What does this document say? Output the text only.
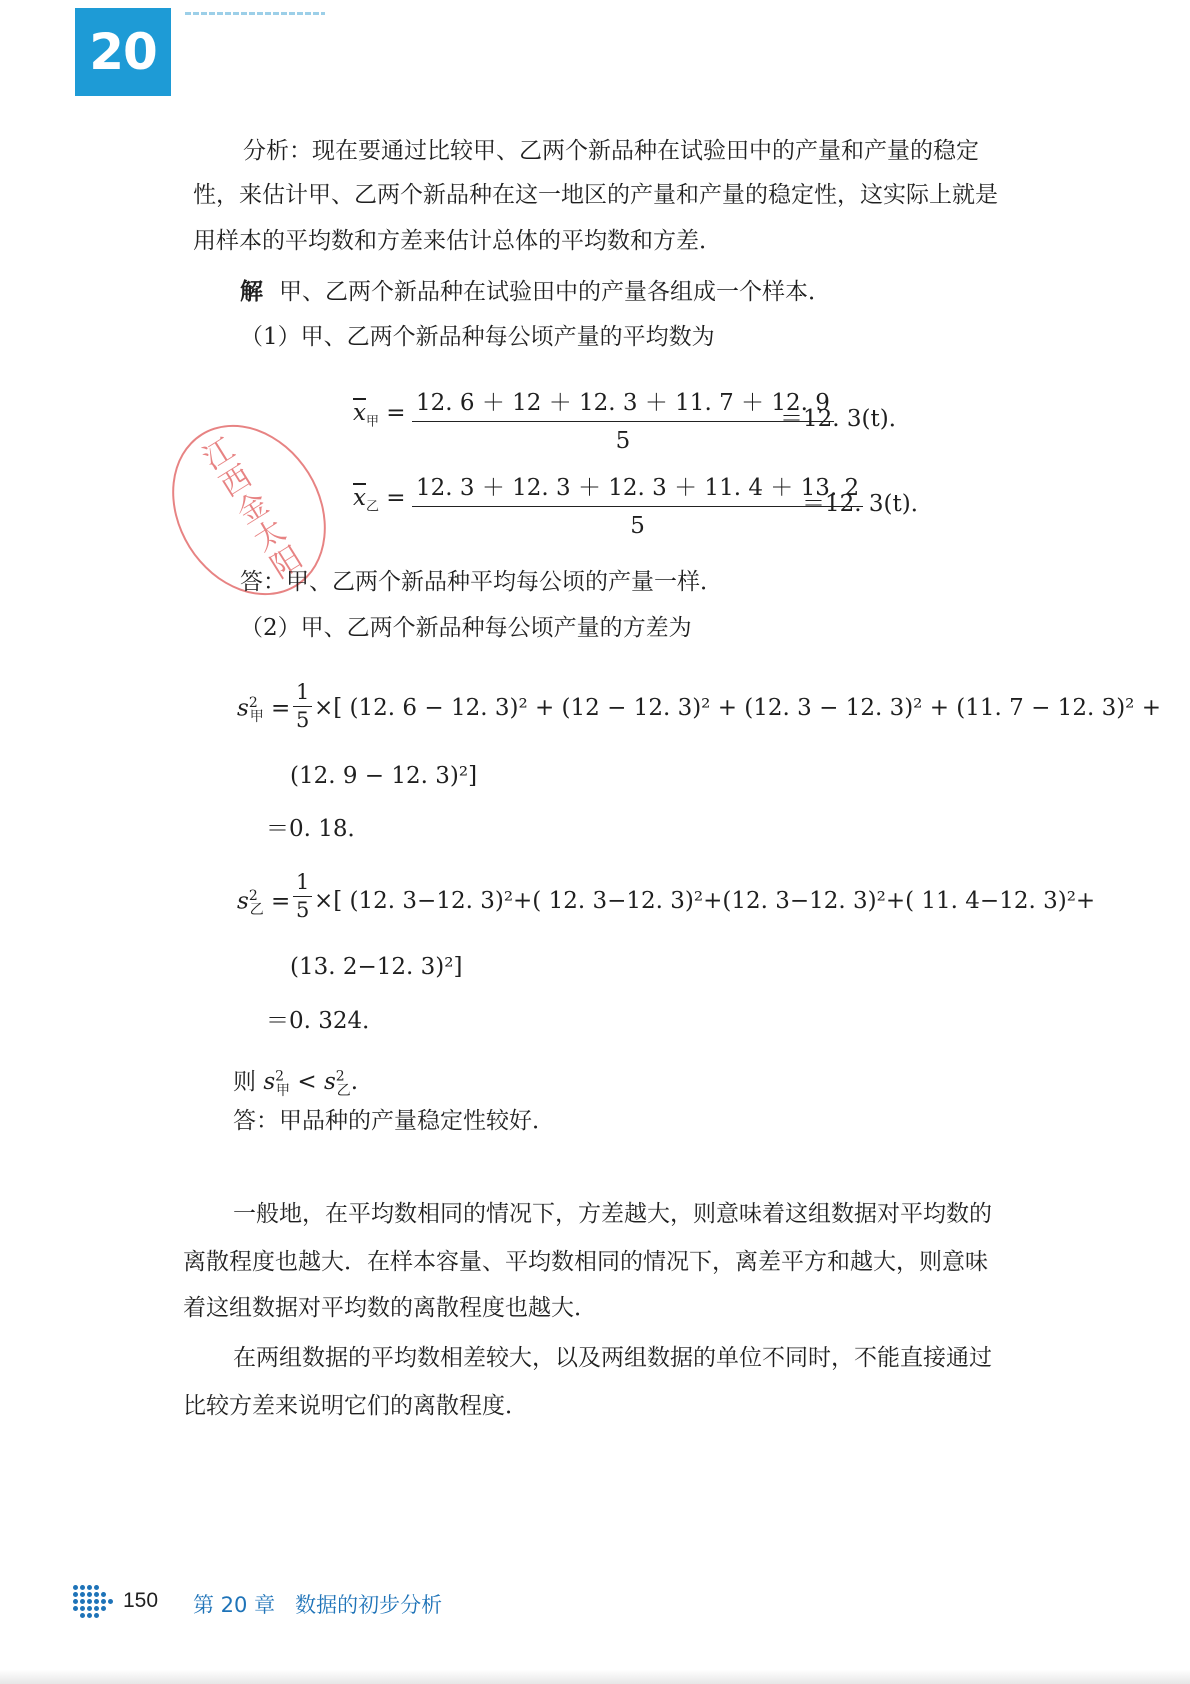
20
分析：现在要通过比较甲、乙两个新品种在试验田中的产量和产量的稳定
性，来估计甲、乙两个新品种在这一地区的产量和产量的稳定性，这实际上就是
用样本的平均数和方差来估计总体的平均数和方差．
解 甲、乙两个新品种在试验田中的产量各组成一个样本．
（1）甲、乙两个新品种每公顷产量的平均数为
$\overline{x}_甲 = \frac{12. 6 + 12 + 12. 3 + 11. 7 + 12. 9}{5}$
＝12. 3(t)．
$\overline{x}_乙 = \frac{12. 3 + 12. 3 + 12. 3 + 11. 4 + 13. 2}{5}$
＝12. 3(t)．
江西金太阳
答：甲、乙两个新品种平均每公顷的产量一样．
（2）甲、乙两个新品种每公顷产量的方差为
$s^2_甲 = \frac{1}{5}$ ×[ (12. 6 − 12. 3)² + (12 − 12. 3)² + (12. 3 − 12. 3)² + (11. 7 − 12. 3)² +
(12. 9 − 12. 3)²]
＝0. 18．
$s^2_乙 = \frac{1}{5}$ ×[ (12. 3−12. 3)²+( 12. 3−12. 3)²+(12. 3−12. 3)²+( 11. 4−12. 3)²+
(13. 2−12. 3)²]
＝0. 324．
则 $s^2_甲 < s^2_乙$.
答：甲品种的产量稳定性较好．
一般地，在平均数相同的情况下，方差越大，则意味着这组数据对平均数的
离散程度也越大．在样本容量、平均数相同的情况下，离差平方和越大，则意味
着这组数据对平均数的离散程度也越大．
在两组数据的平均数相差较大，以及两组数据的单位不同时，不能直接通过
比较方差来说明它们的离散程度．
150 第 20 章 数据的初步分析
